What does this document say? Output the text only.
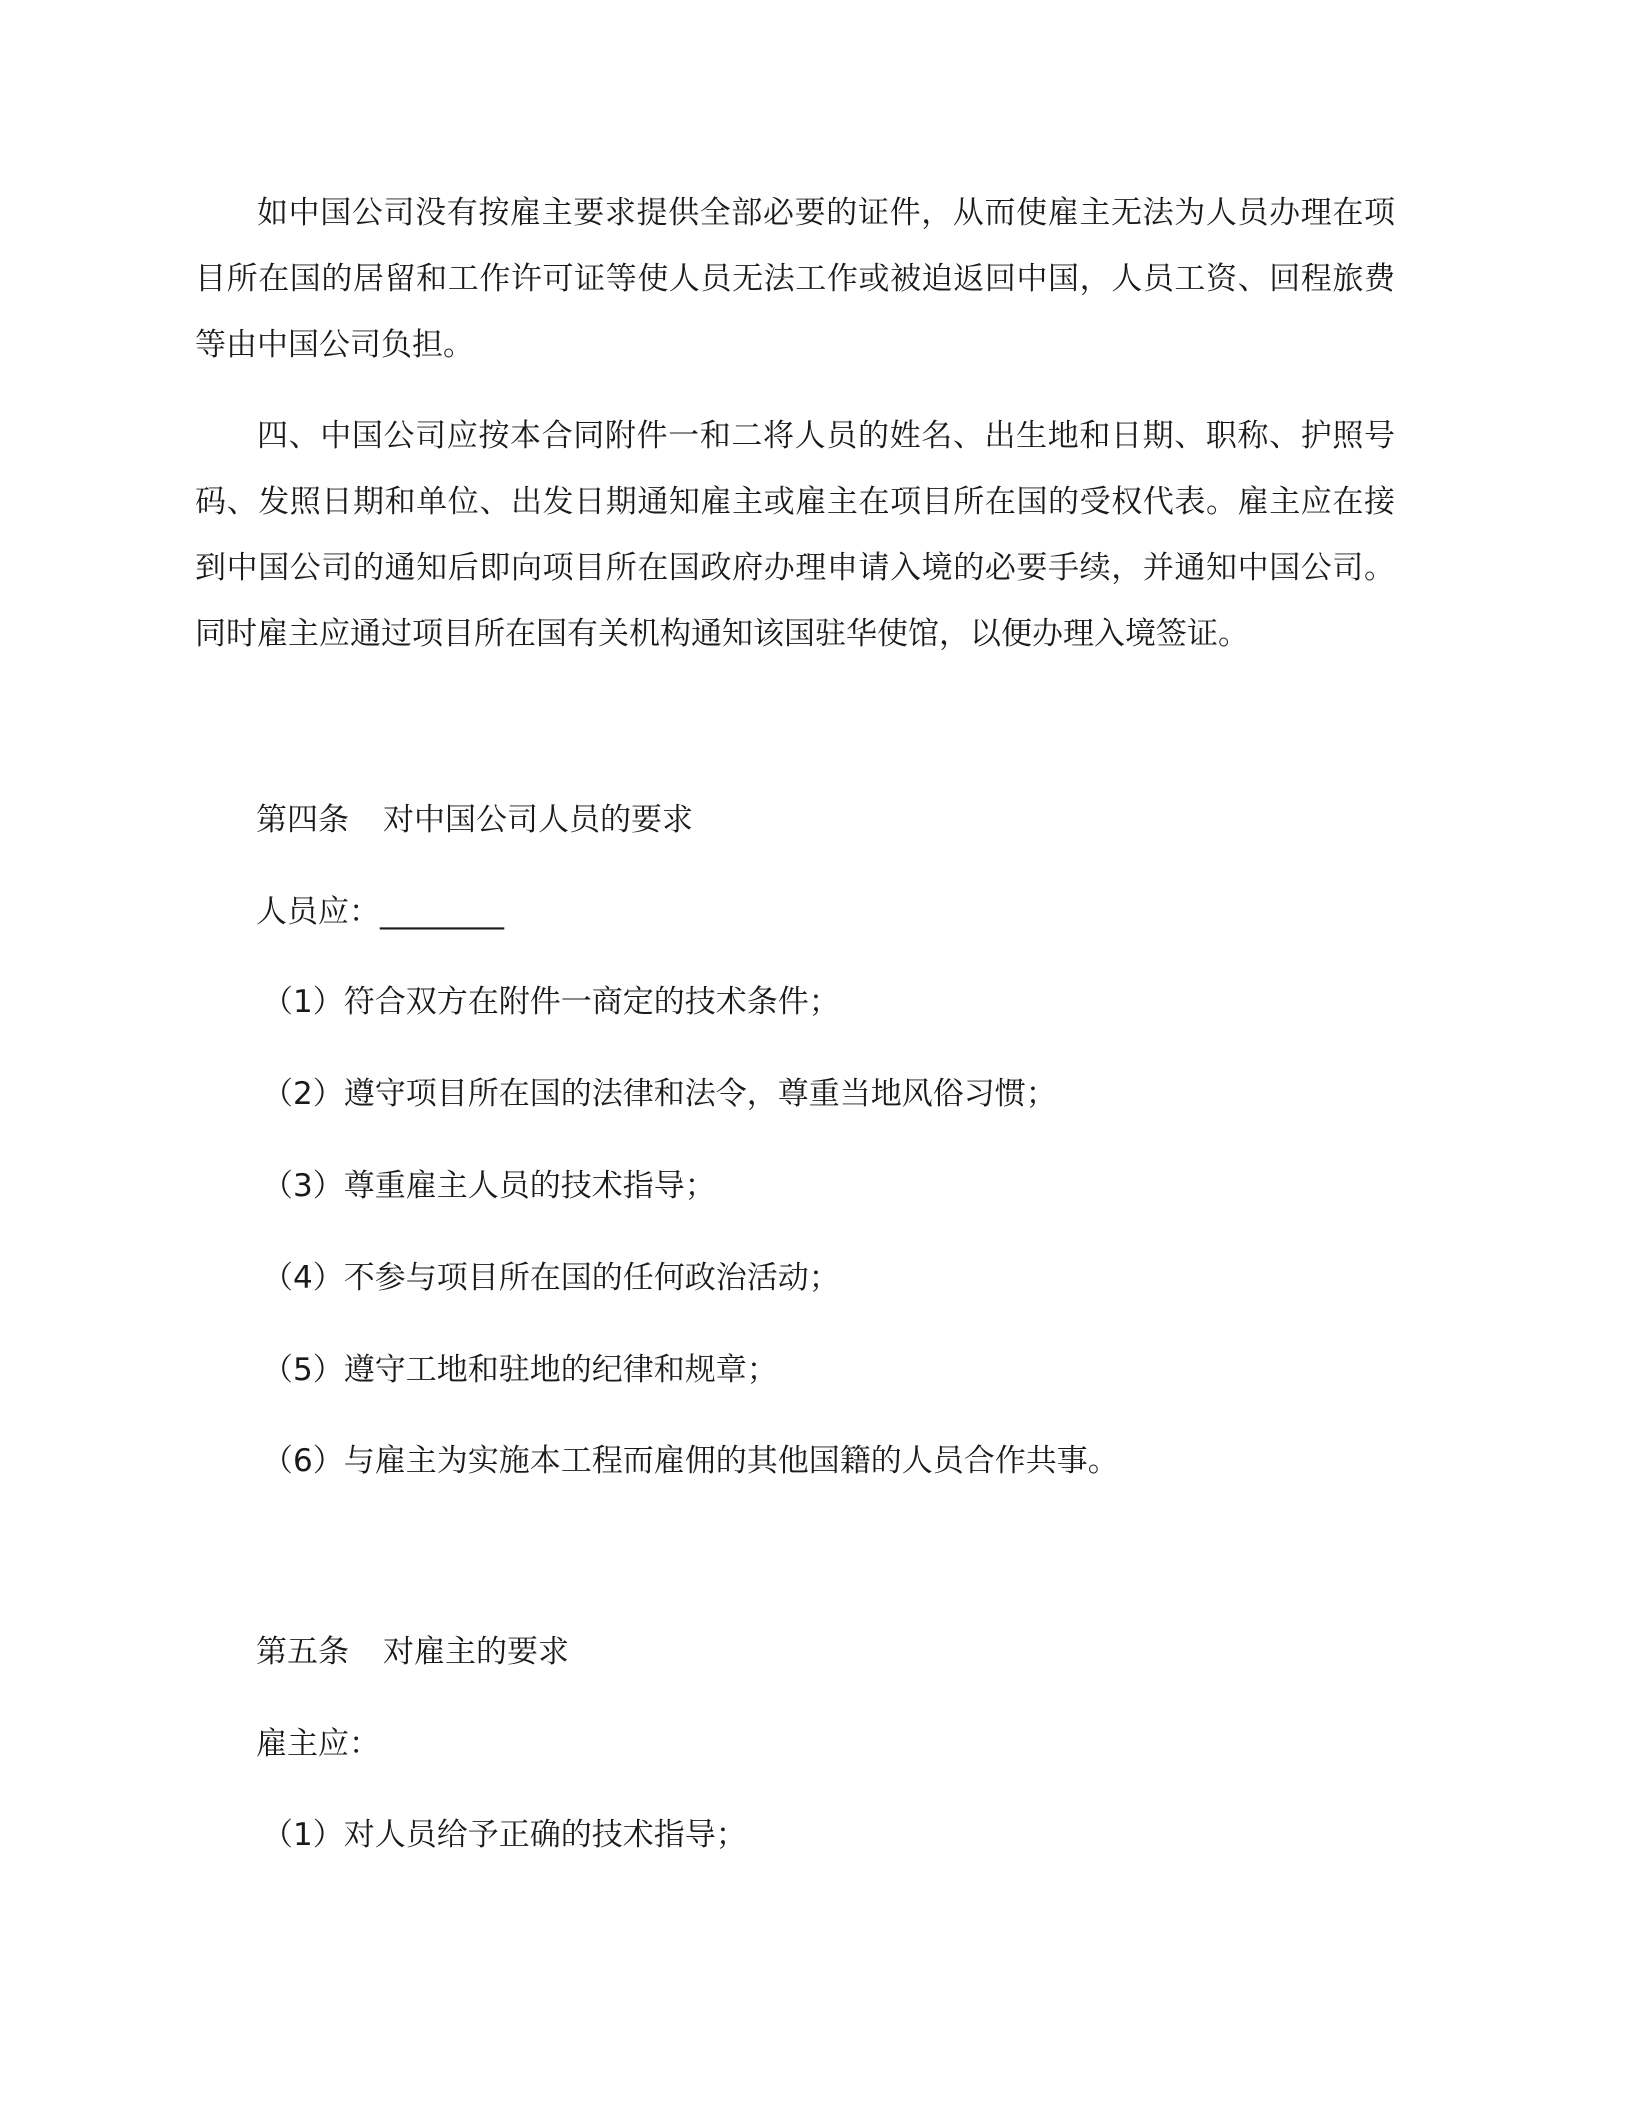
如中国公司没有按雇主要求提供全部必要的证件，从而使雇主无法为人员办理在项目所在国的居留和工作许可证等使人员无法工作或被迫返回中国，人员工资、回程旅费等由中国公司负担。

四、中国公司应按本合同附件一和二将人员的姓名、出生地和日期、职称、护照号码、发照日期和单位、出发日期通知雇主或雇主在项目所在国的受权代表。雇主应在接到中国公司的通知后即向项目所在国政府办理申请入境的必要手续，并通知中国公司。同时雇主应通过项目所在国有关机构通知该国驻华使馆，以便办理入境签证。

第四条 对中国公司人员的要求
人员应：________
（1）符合双方在附件一商定的技术条件；
（2）遵守项目所在国的法律和法令，尊重当地风俗习惯；
（3）尊重雇主人员的技术指导；
（4）不参与项目所在国的任何政治活动；
（5）遵守工地和驻地的纪律和规章；
（6）与雇主为实施本工程而雇佣的其他国籍的人员合作共事。
第五条 对雇主的要求
雇主应：
（1）对人员给予正确的技术指导；
